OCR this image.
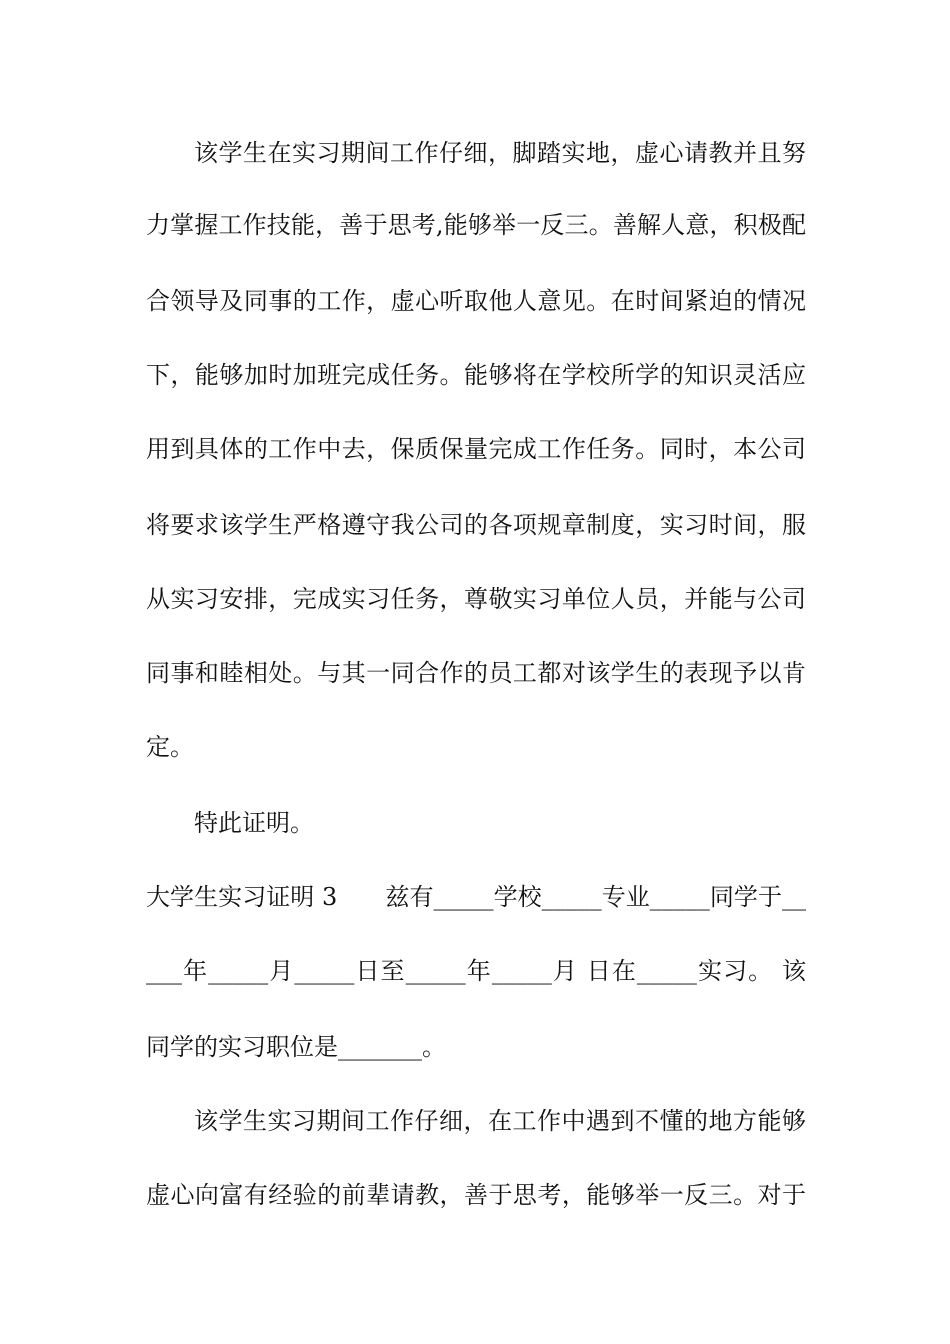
该学生在实习期间工作仔细，脚踏实地，虚心请教并且努
力掌握工作技能，善于思考,能够举一反三。善解人意，积极配
合领导及同事的工作，虚心听取他人意见。在时间紧迫的情况
下，能够加时加班完成任务。能够将在学校所学的知识灵活应
用到具体的工作中去，保质保量完成工作任务。同时，本公司
将要求该学生严格遵守我公司的各项规章制度，实习时间，服
从实习安排，完成实习任务，尊敬实习单位人员，并能与公司
同事和睦相处。与其一同合作的员工都对该学生的表现予以肯
定。
特此证明。
大学生实习证明 3　　兹有_____学校_____专业_____同学于__
___年_____月_____日至_____年_____月 日在_____实习。 该
同学的实习职位是_______。
该学生实习期间工作仔细，在工作中遇到不懂的地方能够
虚心向富有经验的前辈请教，善于思考，能够举一反三。对于
